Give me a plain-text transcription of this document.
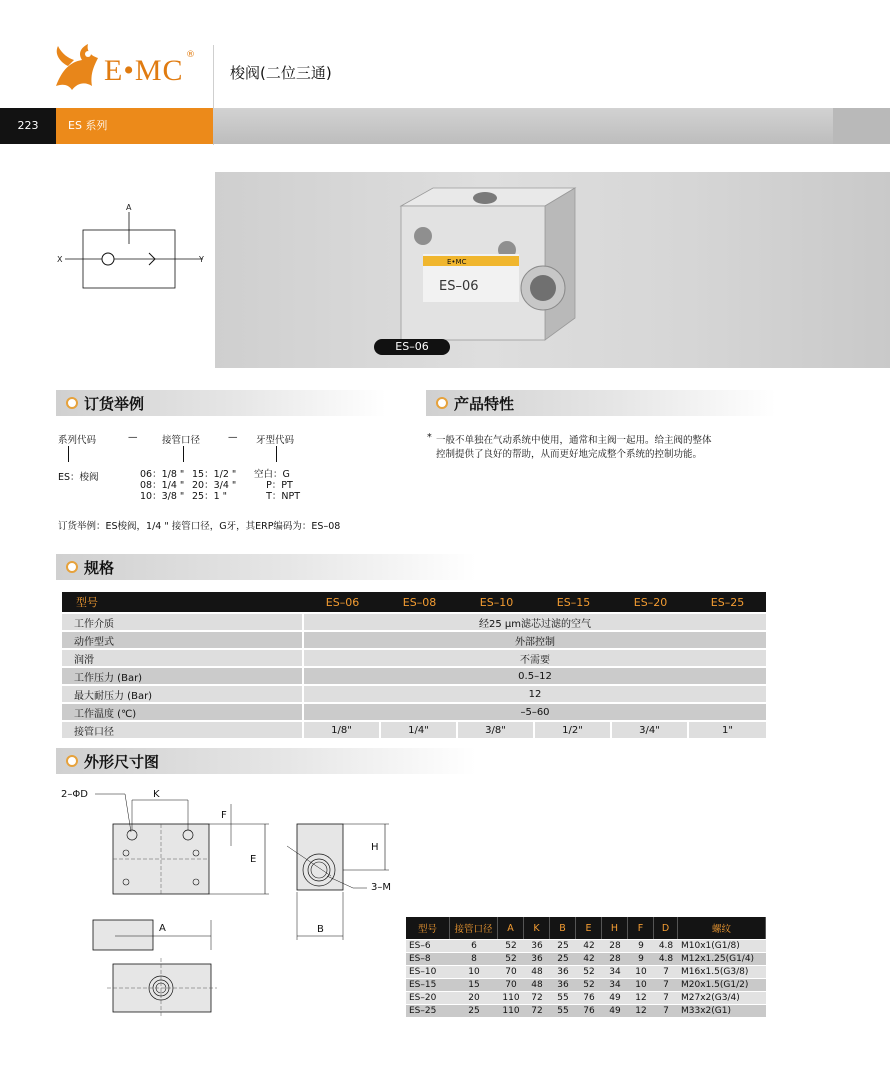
E•MC ®
梭阀(二位三通)
223	ES 系列
A
X	Y	E•MC
ES–06
ES–06
订货举例
系列代码	—	接管口径	— 牙型代码
ES：梭阀	06：1/8 "
08：1/4 "
10：3/8 "
15：1/2 "
20：3/4 "
25：1 "
空白：G
P：PT
T：NPT
订货举例：ES梭阀，1/4 " 接管口径，G牙，其ERP编码为：ES–08
产品特性
* 一般不单独在气动系统中使用，通常和主阀一起用。给主阀的整体
控制提供了良好的帮助，从而更好地完成整个系统的控制功能。
规格
型号	ES–06	ES–08	ES–10	ES–15	ES–20	ES–25
工作介质	经25 μm滤芯过滤的空气					
动作型式	外部控制					
润滑	不需要					
工作压力 (Bar)	0.5–12					
最大耐压力 (Bar)	12					
工作温度 (℃)	–5–60					
接管口径	1/8"	1/4"	3/8"	1/2"	3/4"	1"
外形尺寸图
2–ΦD	K
F
E
H
3–M
B
A	型号	接管口径	A	K	B	E	H	F	D	螺纹
ES–6	6	52	36	25	42	28	9	4.8	M10x1(G1/8)
ES–8	8	52	36	25	42	28	9	4.8	M12x1.25(G1/4)
ES–10	10	70	48	36	52	34	10	7	M16x1.5(G3/8)
ES–15	15	70	48	36	52	34	10	7	M20x1.5(G1/2)
ES–20	20	110	72	55	76	49	12	7	M27x2(G3/4)
ES–25	25	110	72	55	76	49	12	7	M33x2(G1)
